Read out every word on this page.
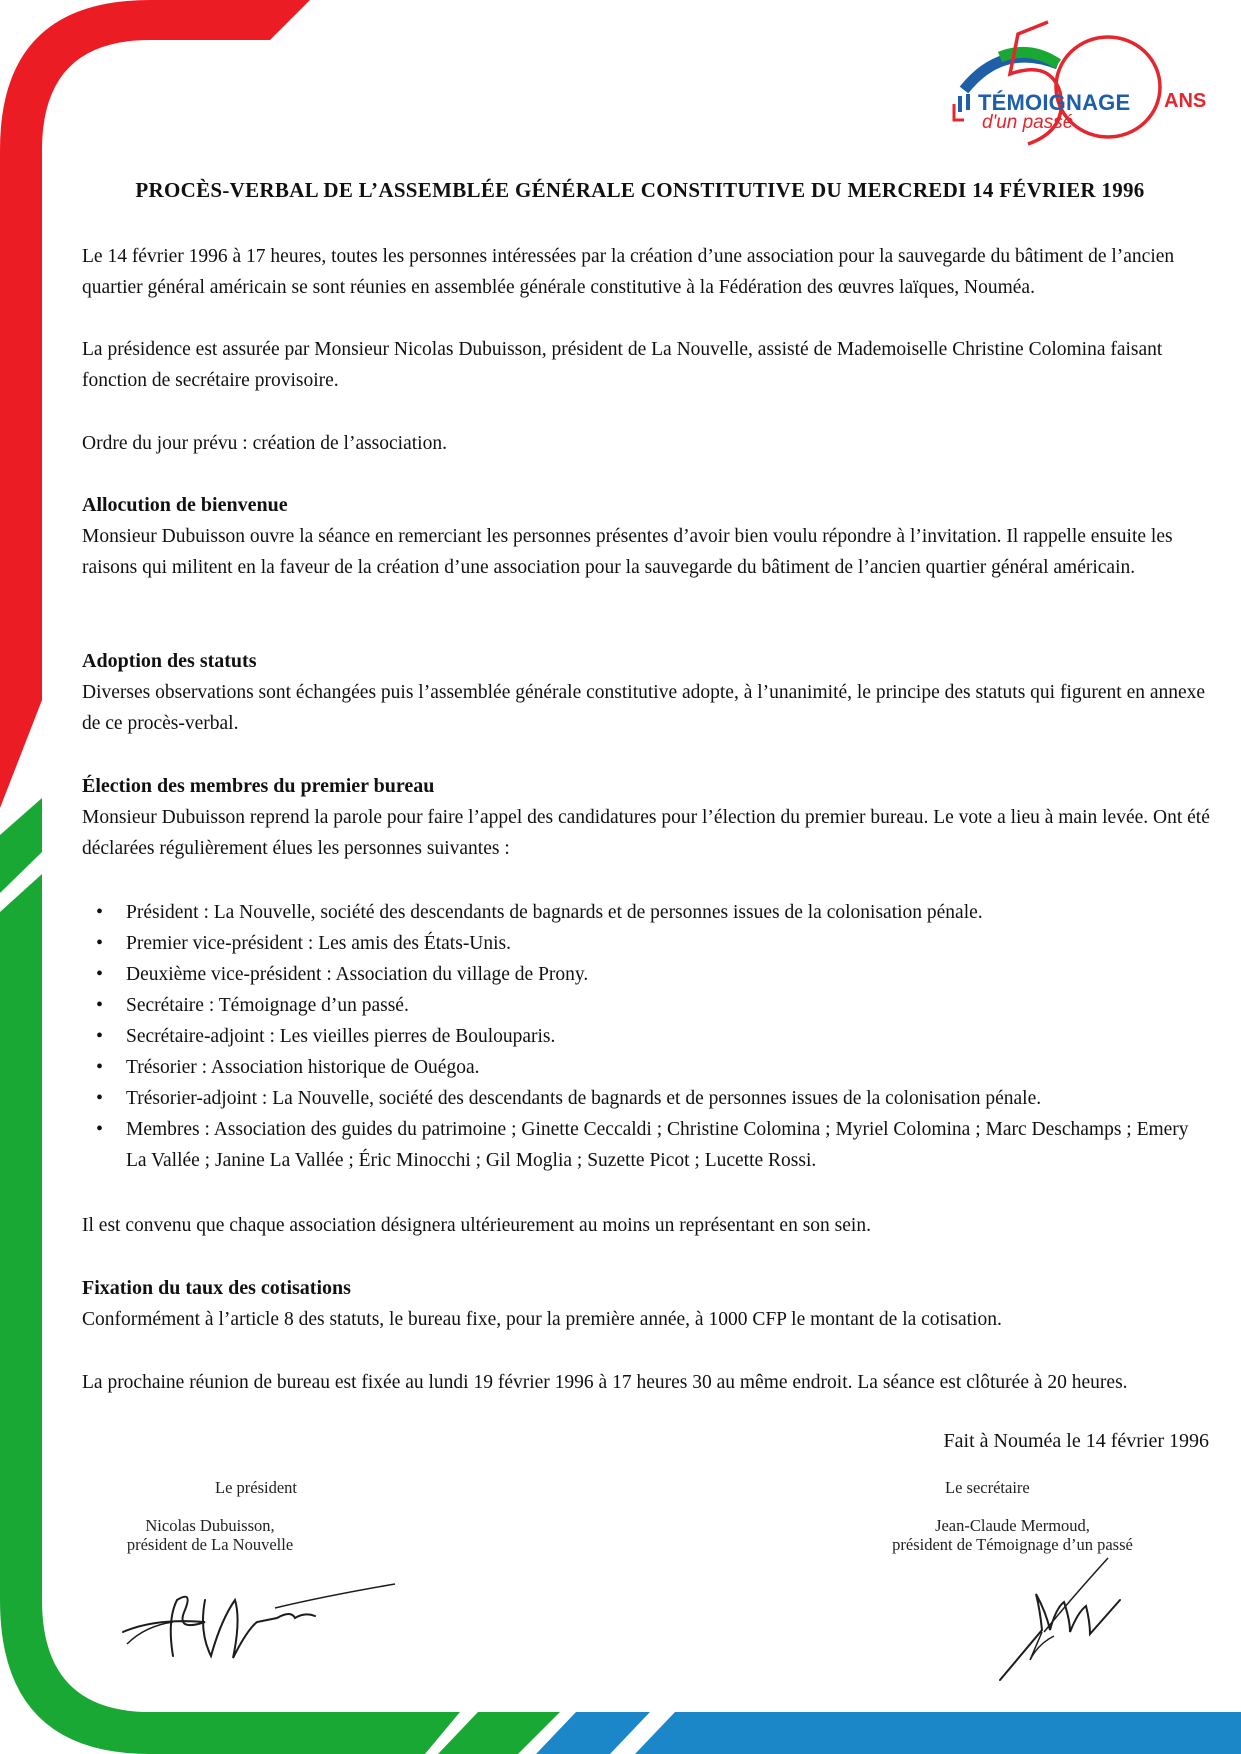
TÉMOIGNAGE
d'un passé
ANS
PROCÈS-VERBAL DE L’ASSEMBLÉE GÉNÉRALE CONSTITUTIVE DU MERCREDI 14 FÉVRIER 1996

Le 14 février 1996 à 17 heures, toutes les personnes intéressées par la création d’une association pour la sauvegarde du bâtiment de l’ancien quartier général américain se sont réunies en assemblée générale constitutive à la Fédération des œuvres laïques, Nouméa.

La présidence est assurée par Monsieur Nicolas Dubuisson, président de La Nouvelle, assisté de Mademoiselle Christine Colomina faisant fonction de secrétaire provisoire.

Ordre du jour prévu : création de l’association.

Allocution de bienvenue

Monsieur Dubuisson ouvre la séance en remerciant les personnes présentes d’avoir bien voulu répondre à l’invitation. Il rappelle ensuite les raisons qui militent en la faveur de la création d’une association pour la sauvegarde du bâtiment de l’ancien quartier général américain.

Adoption des statuts

Diverses observations sont échangées puis l’assemblée générale constitutive adopte, à l’unanimité, le principe des statuts qui figurent en annexe de ce procès-verbal.

Élection des membres du premier bureau

Monsieur Dubuisson reprend la parole pour faire l’appel des candidatures pour l’élection du premier bureau. Le vote a lieu à main levée. Ont été déclarées régulièrement élues les personnes suivantes :

• Président : La Nouvelle, société des descendants de bagnards et de personnes issues de la colonisation pénale.
• Premier vice-président : Les amis des États-Unis.
• Deuxième vice-président : Association du village de Prony.
• Secrétaire : Témoignage d’un passé.
• Secrétaire-adjoint : Les vieilles pierres de Boulouparis.
• Trésorier : Association historique de Ouégoa.
• Trésorier-adjoint : La Nouvelle, société des descendants de bagnards et de personnes issues de la colonisation pénale.
• Membres : Association des guides du patrimoine ; Ginette Ceccaldi ; Christine Colomina ; Myriel Colomina ; Marc Deschamps ; Emery La Vallée ; Janine La Vallée ; Éric Minocchi ; Gil Moglia ; Suzette Picot ; Lucette Rossi.

Il est convenu que chaque association désignera ultérieurement au moins un représentant en son sein.

Fixation du taux des cotisations

Conformément à l’article 8 des statuts, le bureau fixe, pour la première année, à 1000 CFP le montant de la cotisation.

La prochaine réunion de bureau est fixée au lundi 19 février 1996 à 17 heures 30 au même endroit. La séance est clôturée à 20 heures.

Fait à Nouméa le 14 février 1996

Le président

Nicolas Dubuisson,
président de La Nouvelle

Le secrétaire

Jean-Claude Mermoud,
président de Témoignage d’un passé
